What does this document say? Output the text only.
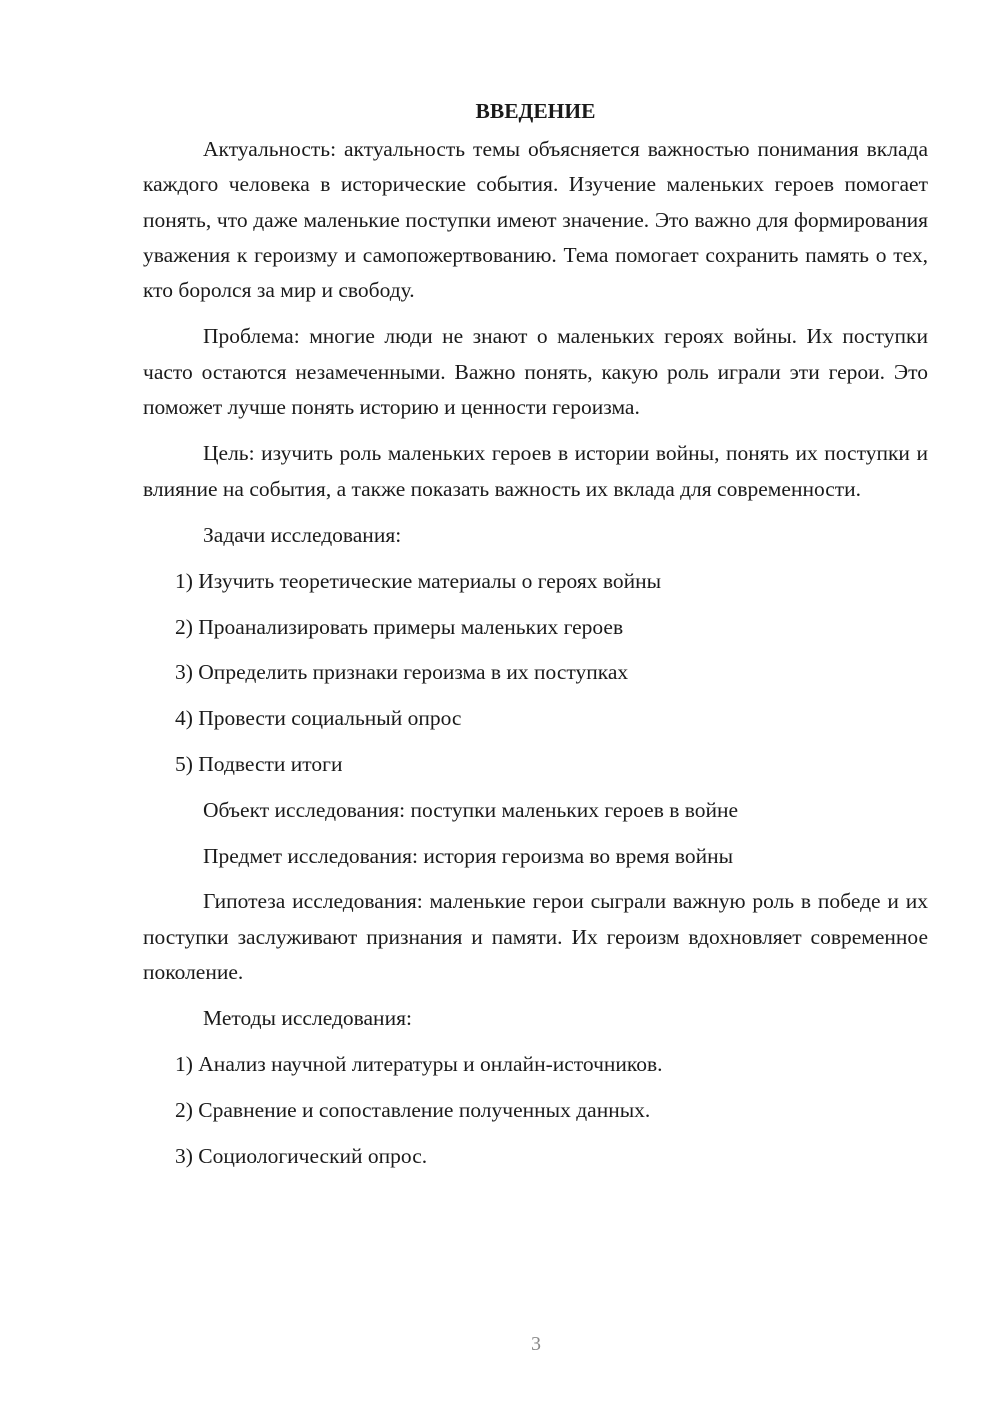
ВВЕДЕНИЕ

Актуальность: актуальность темы объясняется важностью понимания вклада каждого человека в исторические события. Изучение маленьких героев помогает понять, что даже маленькие поступки имеют значение. Это важно для формирования уважения к героизму и самопожертвованию. Тема помогает сохранить память о тех, кто боролся за мир и свободу.

Проблема: многие люди не знают о маленьких героях войны. Их поступки часто остаются незамеченными. Важно понять, какую роль играли эти герои. Это поможет лучше понять историю и ценности героизма.

Цель: изучить роль маленьких героев в истории войны, понять их поступки и влияние на события, а также показать важность их вклада для современности.

Задачи исследования:

1) Изучить теоретические материалы о героях войны

2) Проанализировать примеры маленьких героев

3) Определить признаки героизма в их поступках

4) Провести социальный опрос

5) Подвести итоги

Объект исследования: поступки маленьких героев в войне

Предмет исследования: история героизма во время войны

Гипотеза исследования: маленькие герои сыграли важную роль в победе и их поступки заслуживают признания и памяти. Их героизм вдохновляет современное поколение.

Методы исследования:

1) Анализ научной литературы и онлайн-источников.

2) Сравнение и сопоставление полученных данных.

3) Социологический опрос.

3
